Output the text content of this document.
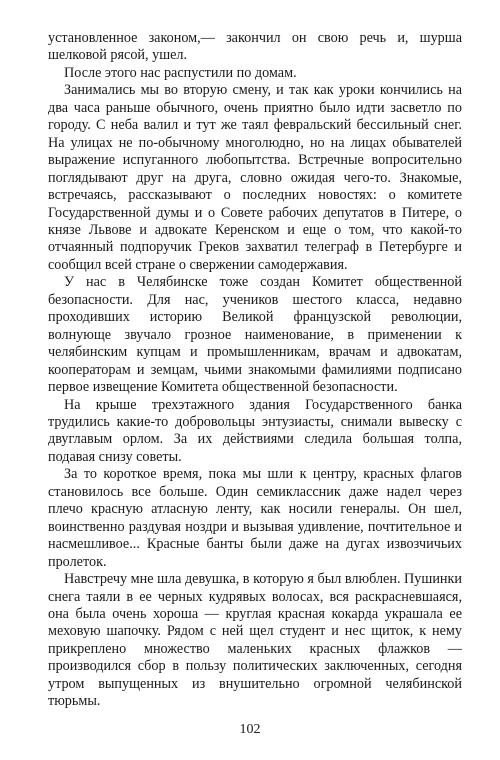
установленное законом,— закончил он свою речь и, шурша шелковой рясой, ушел.

После этого нас распустили по домам.

Занимались мы во вторую смену, и так как уроки кончились на два часа раньше обычного, очень приятно было идти засветло по городу. С неба валил и тут же таял февральский бессильный снег. На улицах не по-обычному многолюдно, но на лицах обывателей выражение испуганного любопытства. Встречные вопросительно поглядывают друг на друга, словно ожидая чего-то. Знакомые, встречаясь, рассказывают о последних новостях: о комитете Государственной думы и о Совете рабочих депутатов в Питере, о князе Львове и адвокате Керенском и еще о том, что какой-то отчаянный подпоручик Греков захватил телеграф в Петербурге и сообщил всей стране о свержении самодержавия.

У нас в Челябинске тоже создан Комитет общественной безопасности. Для нас, учеников шестого класса, недавно проходивших историю Великой французской революции, волнующе звучало грозное наименование, в применении к челябинским купцам и промышленникам, врачам и адвокатам, кооператорам и земцам, чьими знакомыми фамилиями подписано первое извещение Комитета общественной безопасности.

На крыше трехэтажного здания Государственного банка трудились какие-то добровольцы энтузиасты, снимали вывеску с двуглавым орлом. За их действиями следила большая толпа, подавая снизу советы.

За то короткое время, пока мы шли к центру, красных флагов становилось все больше. Один семиклассник даже надел через плечо красную атласную ленту, как носили генералы. Он шел, воинственно раздувая ноздри и вызывая удивление, почтительное и насмешливое... Красные банты были даже на дугах извозчичьих пролеток.

Навстречу мне шла девушка, в которую я был влюблен. Пушинки снега таяли в ее черных кудрявых волосах, вся раскрасневшаяся, она была очень хороша — круглая красная кокарда украшала ее меховую шапочку. Рядом с ней щел студент и нес щиток, к нему прикреплено множество маленьких красных флажков — производился сбор в пользу политических заключенных, сегодня утром выпущенных из внушительно огромной челябинской тюрьмы.

102
